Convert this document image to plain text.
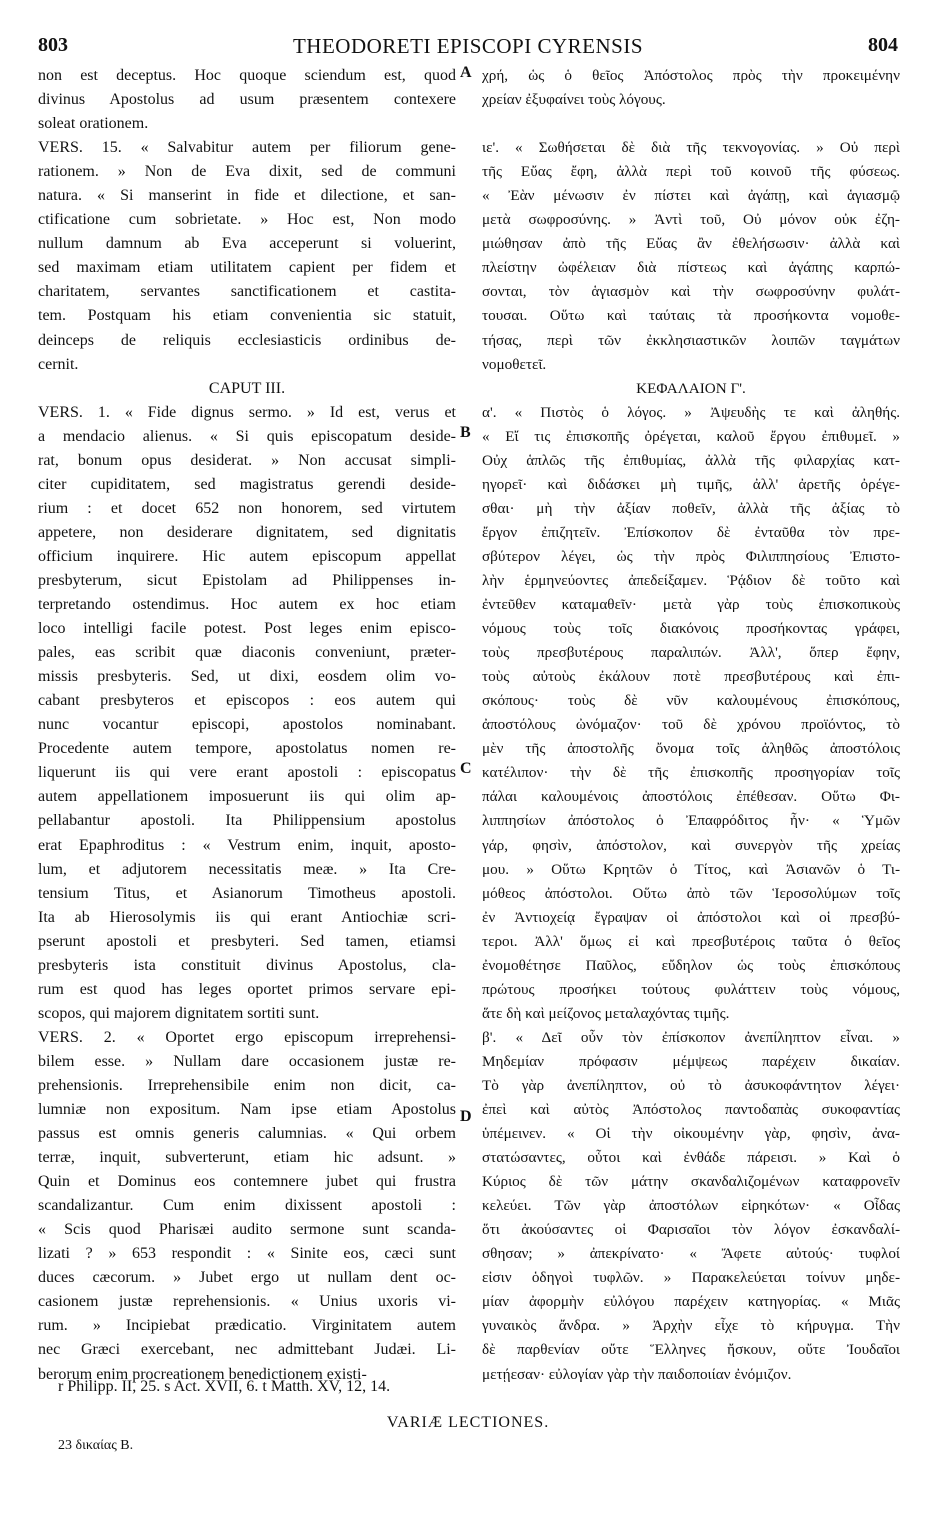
803	THEODORETI EPISCOPI CYRENSIS	804
non est deceptus. Hoc quoque sciendum est, quod
divinus Apostolus ad usum præsentem contexere
soleat orationem.
VERS. 15. « Salvabitur autem per filiorum gene-
rationem. » Non de Eva dixit, sed de communi
natura. « Si manserint in fide et dilectione, et san-
ctificatione cum sobrietate. » Hoc est, Non modo
nullum damnum ab Eva acceperunt si voluerint,
sed maximam etiam utilitatem capient per fidem et
charitatem, servantes sanctificationem et castita-
tem. Postquam his etiam convenientia sic statuit,
deinceps de reliquis ecclesiasticis ordinibus de-
cernit.
CAPUT III.
VERS. 1. « Fide dignus sermo. » Id est, verus et
a mendacio alienus. « Si quis episcopatum deside-
rat, bonum opus desiderat. » Non accusat simpli-
citer cupiditatem, sed magistratus gerendi deside-
rium : et docet 652 non honorem, sed virtutem
appetere, non desiderare dignitatem, sed dignitatis
officium inquirere. Hic autem episcopum appellat
presbyterum, sicut Epistolam ad Philippenses in-
terpretando ostendimus. Hoc autem ex hoc etiam
loco intelligi facile potest. Post leges enim episco-
pales, eas scribit quæ diaconis conveniunt, præter-
missis presbyteris. Sed, ut dixi, eosdem olim vo-
cabant presbyteros et episcopos : eos autem qui
nunc vocantur episcopi, apostolos nominabant.
Procedente autem tempore, apostolatus nomen re-
liquerunt iis qui vere erant apostoli : episcopatus
autem appellationem imposuerunt iis qui olim ap-
pellabantur apostoli. Ita Philippensium apostolus
erat Epaphroditus : « Vestrum enim, inquit, aposto-
lum, et adjutorem necessitatis meæ. » Ita Cre-
tensium Titus, et Asianorum Timotheus apostoli.
Ita ab Hierosolymis iis qui erant Antiochiæ scri-
pserunt apostoli et presbyteri. Sed tamen, etiamsi
presbyteris ista constituit divinus Apostolus, cla-
rum est quod has leges oportet primos servare epi-
scopos, qui majorem dignitatem sortiti sunt.
VERS. 2. « Oportet ergo episcopum irreprehensi-
bilem esse. » Nullam dare occasionem justæ re-
prehensionis. Irreprehensibile enim non dicit, ca-
lumniæ non expositum. Nam ipse etiam Apostolus
passus est omnis generis calumnias. « Qui orbem
terræ, inquit, subverterunt, etiam hic adsunt. »
Quin et Dominus eos contemnere jubet qui frustra
scandalizantur. Cum enim dixissent apostoli :
« Scis quod Pharisæi audito sermone sunt scanda-
lizati ? » 653 respondit : « Sinite eos, cæci sunt
duces cæcorum. » Jubet ergo ut nullam dent oc-
casionem justæ reprehensionis. « Unius uxoris vi-
rum. » Incipiebat prædicatio. Virginitatem autem
nec Græci exercebant, nec admittebant Judæi. Li-
berorum enim procreationem benedictionem existi-
χρή, ὡς ὁ θεῖος Ἀπόστολος πρὸς τὴν προκειμένην
χρείαν ἐξυφαίνει τοὺς λόγους.
ιε'. « Σωθήσεται δὲ διὰ τῆς τεκνογονίας. » Οὐ περὶ
τῆς Εὔας ἔφη, ἀλλὰ περὶ τοῦ κοινοῦ τῆς φύσεως.
« Ἐὰν μένωσιν ἐν πίστει καὶ ἀγάπῃ, καὶ ἁγιασμῷ
μετὰ σωφροσύνης. » Ἀντὶ τοῦ, Οὐ μόνον οὐκ ἐζη-
μιώθησαν ἀπὸ τῆς Εὔας ἂν ἐθελήσωσιν· ἀλλὰ καὶ
πλείστην ὠφέλειαν διὰ πίστεως καὶ ἀγάπης καρπώ-
σονται, τὸν ἁγιασμὸν καὶ τὴν σωφροσύνην φυλάτ-
τουσαι. Οὕτω καὶ ταύταις τὰ προσήκοντα νομοθε-
τήσας, περὶ τῶν ἐκκλησιαστικῶν λοιπῶν ταγμάτων
νομοθετεῖ.
ΚΕΦΑΛΑΙΟΝ Γ'.
α'. « Πιστὸς ὁ λόγος. » Ἀψευδὴς τε καὶ ἀληθής.
« Εἴ τις ἐπισκοπῆς ὀρέγεται, καλοῦ ἔργου ἐπιθυμεῖ. »
Οὐχ ἁπλῶς τῆς ἐπιθυμίας, ἀλλὰ τῆς φιλαρχίας κατ-
ηγορεῖ· καὶ διδάσκει μὴ τιμῆς, ἀλλ' ἀρετῆς ὀρέγε-
σθαι· μὴ τὴν ἀξίαν ποθεῖν, ἀλλὰ τῆς ἀξίας τὸ
ἔργον ἐπιζητεῖν. Ἐπίσκοπον δὲ ἐνταῦθα τὸν πρε-
σβύτερον λέγει, ὡς τὴν πρὸς Φιλιππησίους Ἐπιστο-
λὴν ἑρμηνεύοντες ἀπεδείξαμεν. Ῥᾴδιον δὲ τοῦτο καὶ
ἐντεῦθεν καταμαθεῖν· μετὰ γὰρ τοὺς ἐπισκοπικοὺς
νόμους τοὺς τοῖς διακόνοις προσήκοντας γράφει,
τοὺς πρεσβυτέρους παραλιπών. Ἀλλ', ὅπερ ἔφην,
τοὺς αὐτοὺς ἐκάλουν ποτὲ πρεσβυτέρους καὶ ἐπι-
σκόπους· τοὺς δὲ νῦν καλουμένους ἐπισκόπους,
ἀποστόλους ὠνόμαζον· τοῦ δὲ χρόνου προϊόντος, τὸ
μὲν τῆς ἀποστολῆς ὄνομα τοῖς ἀληθῶς ἀποστόλοις
κατέλιπον· τὴν δὲ τῆς ἐπισκοπῆς προσηγορίαν τοῖς
πάλαι καλουμένοις ἀποστόλοις ἐπέθεσαν. Οὕτω Φι-
λιππησίων ἀπόστολος ὁ Ἐπαφρόδιτος ἦν· « Ὑμῶν
γάρ, φησὶν, ἀπόστολον, καὶ συνεργὸν τῆς χρείας
μου. » Οὕτω Κρητῶν ὁ Τίτος, καὶ Ἀσιανῶν ὁ Τι-
μόθεος ἀπόστολοι. Οὕτω ἀπὸ τῶν Ἱεροσολύμων τοῖς
ἐν Ἀντιοχείᾳ ἔγραψαν οἱ ἀπόστολοι καὶ οἱ πρεσβύ-
τεροι. Ἀλλ' ὅμως εἰ καὶ πρεσβυτέροις ταῦτα ὁ θεῖος
ἐνομοθέτησε Παῦλος, εὔδηλον ὡς τοὺς ἐπισκόπους
πρώτους προσήκει τούτους φυλάττειν τοὺς νόμους,
ἅτε δὴ καὶ μείζονος μεταλαχόντας τιμῆς.
β'. « Δεῖ οὖν τὸν ἐπίσκοπον ἀνεπίληπτον εἶναι. »
Μηδεμίαν πρόφασιν μέμψεως παρέχειν δικαίαν.
Τὸ γὰρ ἀνεπίληπτον, οὐ τὸ ἀσυκοφάντητον λέγει·
ἐπεὶ καὶ αὐτὸς Ἀπόστολος παντοδαπὰς συκοφαντίας
ὑπέμεινεν. « Οἱ τὴν οἰκουμένην γὰρ, φησὶν, ἀνα-
στατώσαντες, οὗτοι καὶ ἐνθάδε πάρεισι. » Καὶ ὁ
Κύριος δὲ τῶν μάτην σκανδαλιζομένων καταφρονεῖν
κελεύει. Τῶν γὰρ ἀποστόλων εἰρηκότων· « Οἶδας
ὅτι ἀκούσαντες οἱ Φαρισαῖοι τὸν λόγον ἐσκανδαλί-
σθησαν; » ἀπεκρίνατο· « Ἄφετε αὐτούς· τυφλοί
εἰσιν ὁδηγοὶ τυφλῶν. » Παρακελεύεται τοίνυν μηδε-
μίαν ἀφορμὴν εὐλόγου παρέχειν κατηγορίας. « Μιᾶς
γυναικὸς ἄνδρα. » Ἀρχὴν εἶχε τὸ κήρυγμα. Τὴν
δὲ παρθενίαν οὔτε Ἕλληνες ἤσκουν, οὔτε Ἰουδαῖοι
μετῄεσαν· εὐλογίαν γὰρ τὴν παιδοποιίαν ἐνόμιζον.
A
B
C
D
r Philipp. II, 25. s Act. XVII, 6. t Matth. XV, 12, 14.
VARIÆ LECTIONES.
23 δικαίας B.
